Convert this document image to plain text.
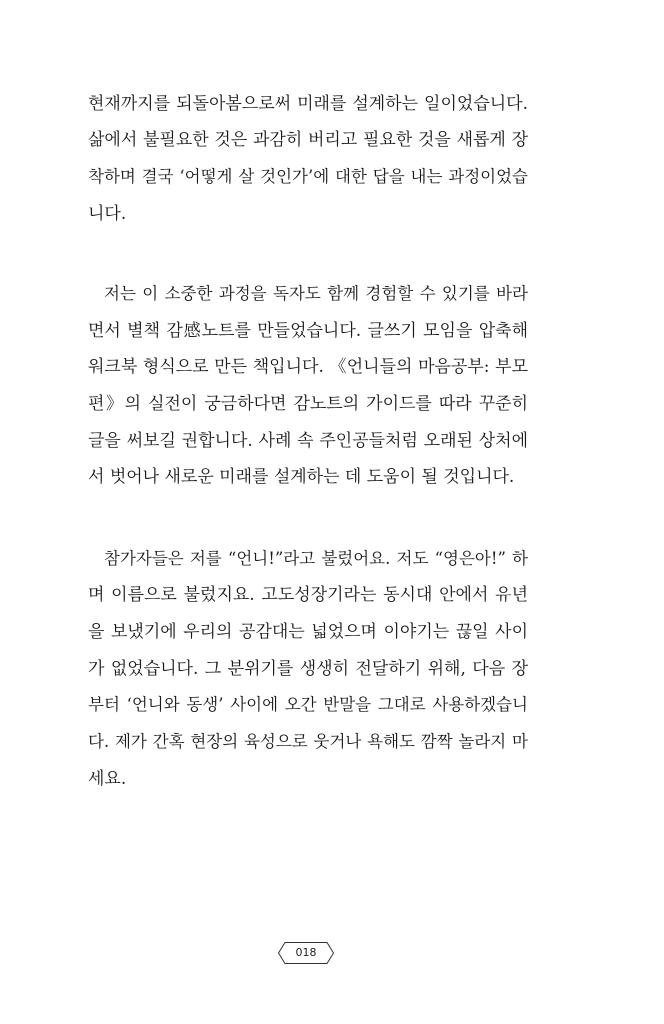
현재까지를 되돌아봄으로써 미래를 설계하는 일이었습니다.
삶에서 불필요한 것은 과감히 버리고 필요한 것을 새롭게 장
착하며 결국 ‘어떻게 살 것인가’에 대한 답을 내는 과정이었습
니다.
저는 이 소중한 과정을 독자도 함께 경험할 수 있기를 바라
면서 별책 감感노트를 만들었습니다. 글쓰기 모임을 압축해
워크북 형식으로 만든 책입니다. 《언니들의 마음공부: 부모
편》의 실전이 궁금하다면 감노트의 가이드를 따라 꾸준히
글을 써보길 권합니다. 사례 속 주인공들처럼 오래된 상처에
서 벗어나 새로운 미래를 설계하는 데 도움이 될 것입니다.
참가자들은 저를 “언니!”라고 불렀어요. 저도 “영은아!” 하
며 이름으로 불렀지요. 고도성장기라는 동시대 안에서 유년
을 보냈기에 우리의 공감대는 넓었으며 이야기는 끊일 사이
가 없었습니다. 그 분위기를 생생히 전달하기 위해, 다음 장
부터 ‘언니와 동생’ 사이에 오간 반말을 그대로 사용하겠습니
다. 제가 간혹 현장의 육성으로 웃거나 욕해도 깜짝 놀라지 마
세요.
018
